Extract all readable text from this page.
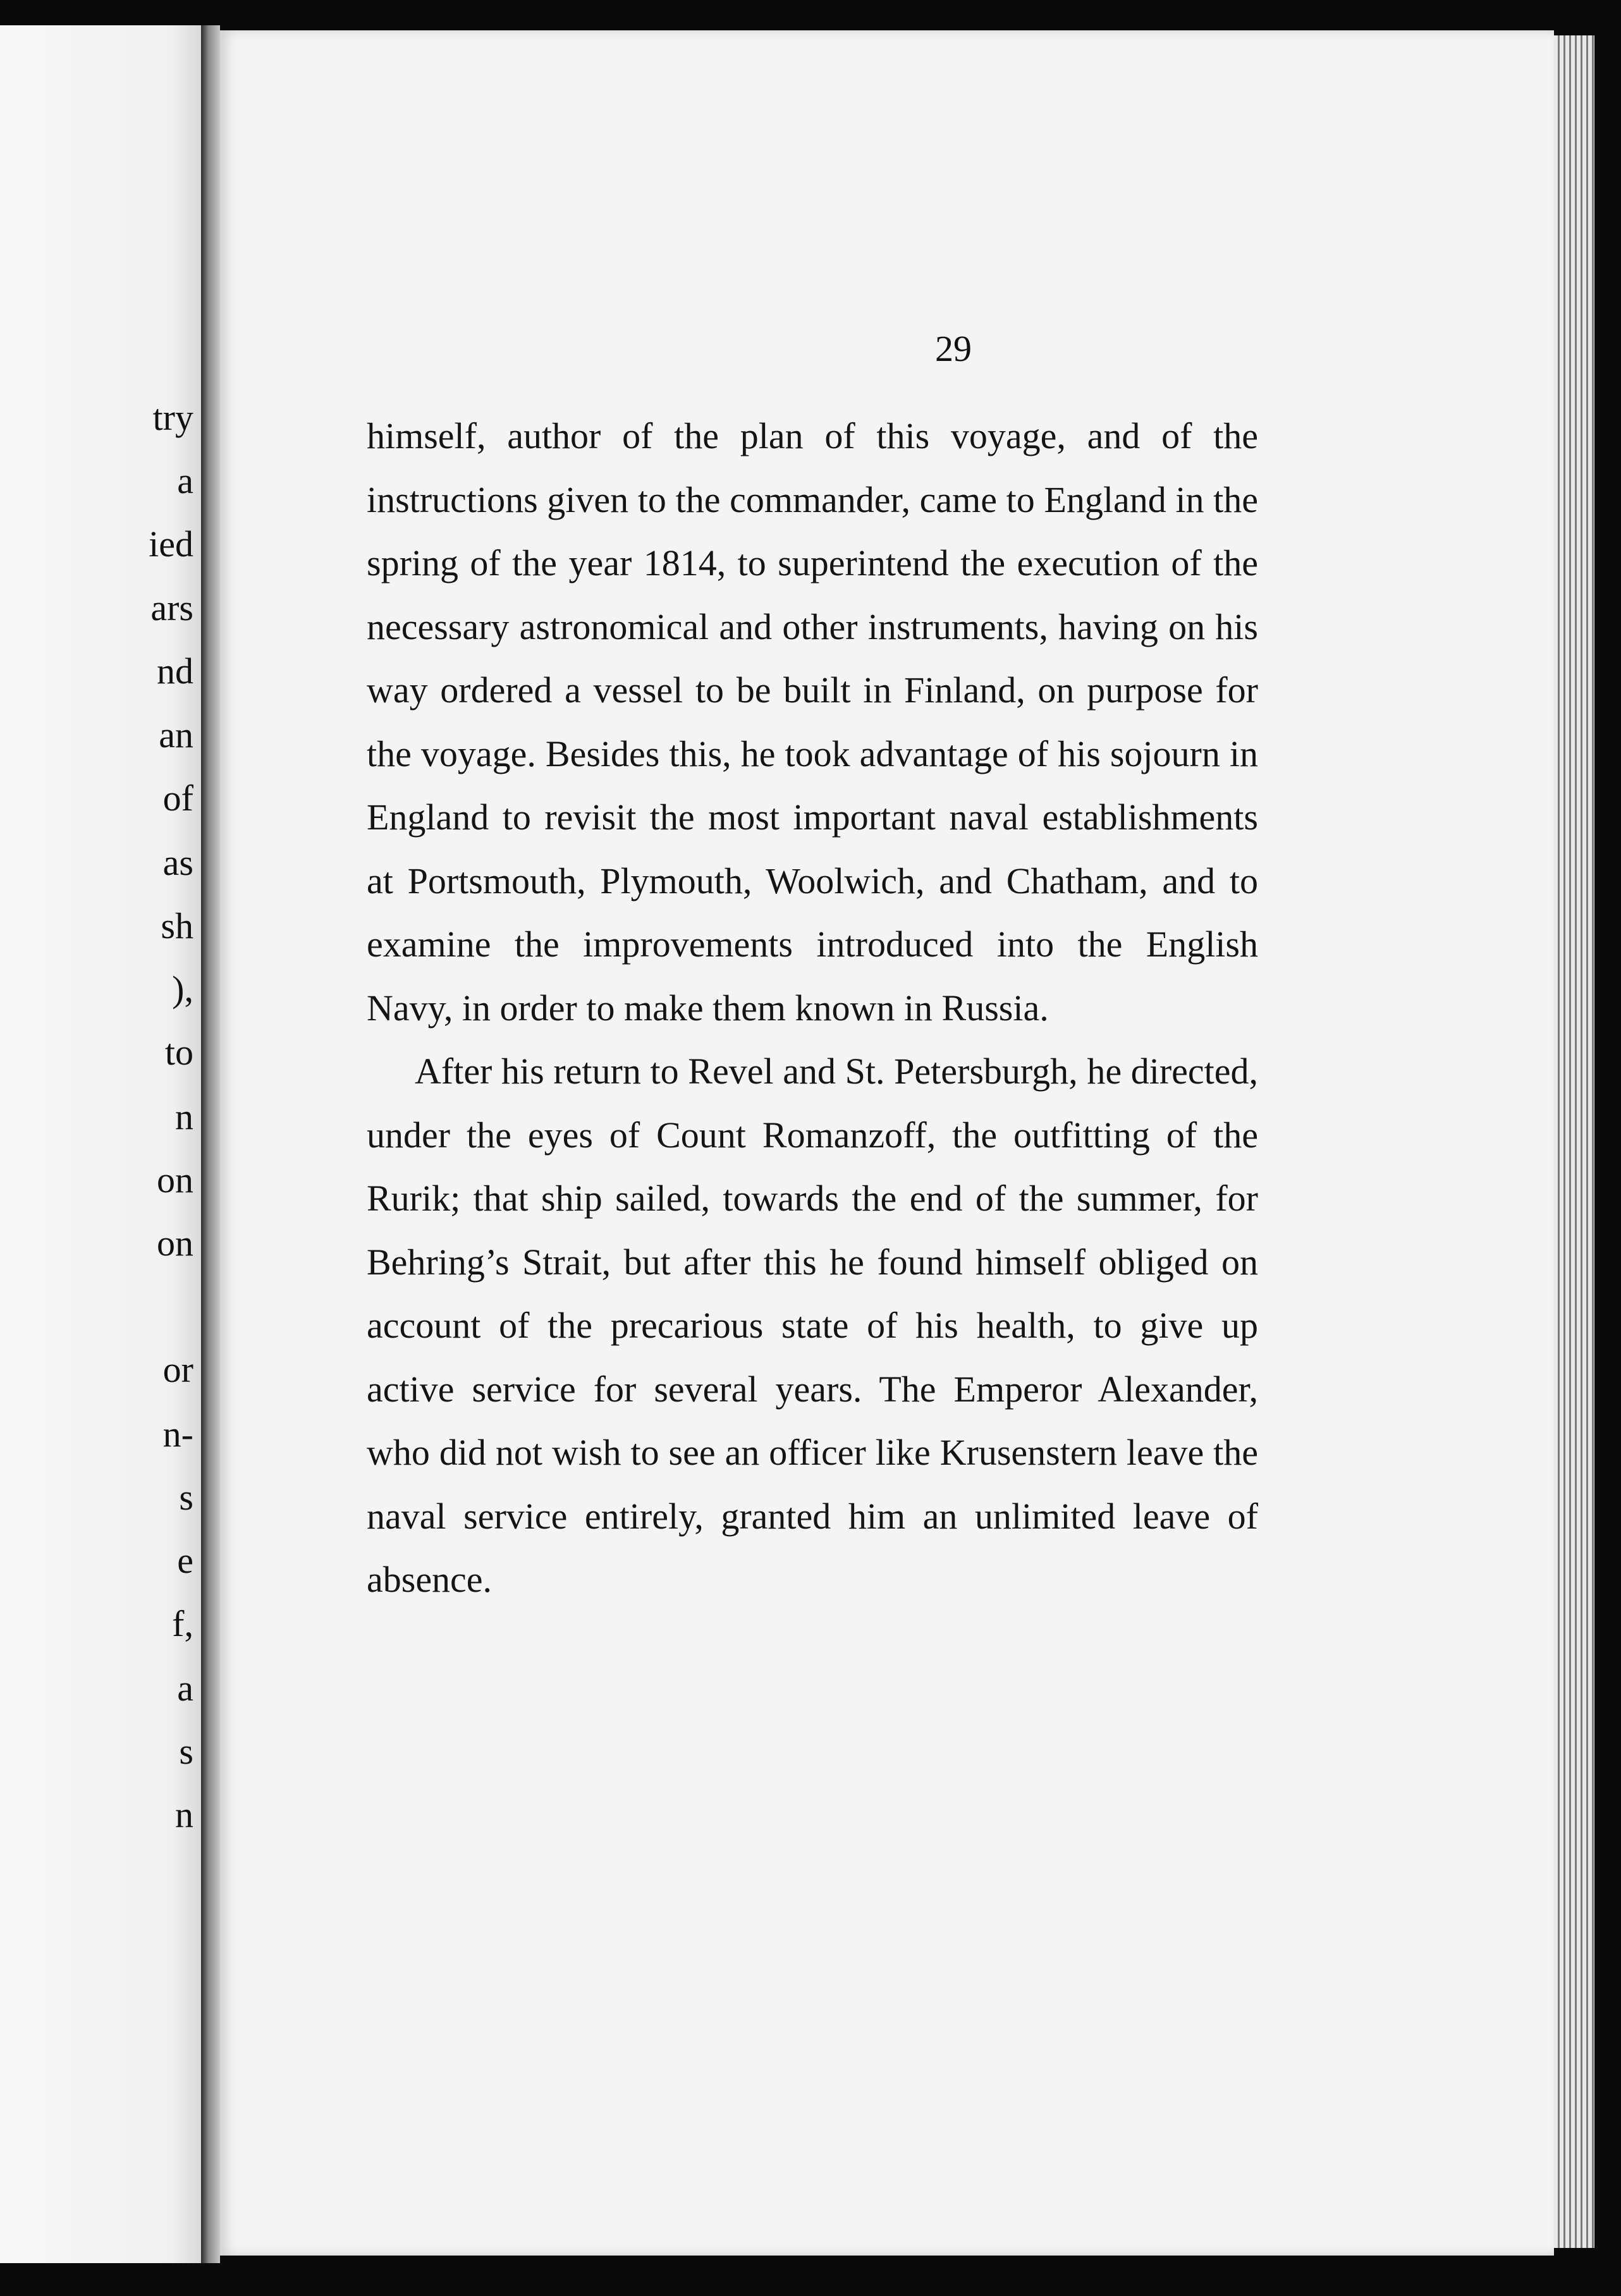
try
a
ied
ars
nd
an
of
as
sh
),
to
n
on
on
or
n-
s
e
f,
a
s
n
29

himself, author of the plan of this voyage, and of the instructions given to the commander, came to England in the spring of the year 1814, to superintend the execution of the necessary astronomical and other instruments, having on his way ordered a vessel to be built in Finland, on purpose for the voyage. Besides this, he took advantage of his sojourn in England to revisit the most important naval establishments at Portsmouth, Plymouth, Woolwich, and Chatham, and to examine the improvements introduced into the English Navy, in order to make them known in Russia.

After his return to Revel and St. Petersburgh, he directed, under the eyes of Count Romanzoff, the outfitting of the Rurik; that ship sailed, towards the end of the summer, for Behring’s Strait, but after this he found himself obliged on account of the precarious state of his health, to give up active service for several years. The Emperor Alexander, who did not wish to see an officer like Krusenstern leave the naval service entirely, granted him an unlimited leave of absence.
